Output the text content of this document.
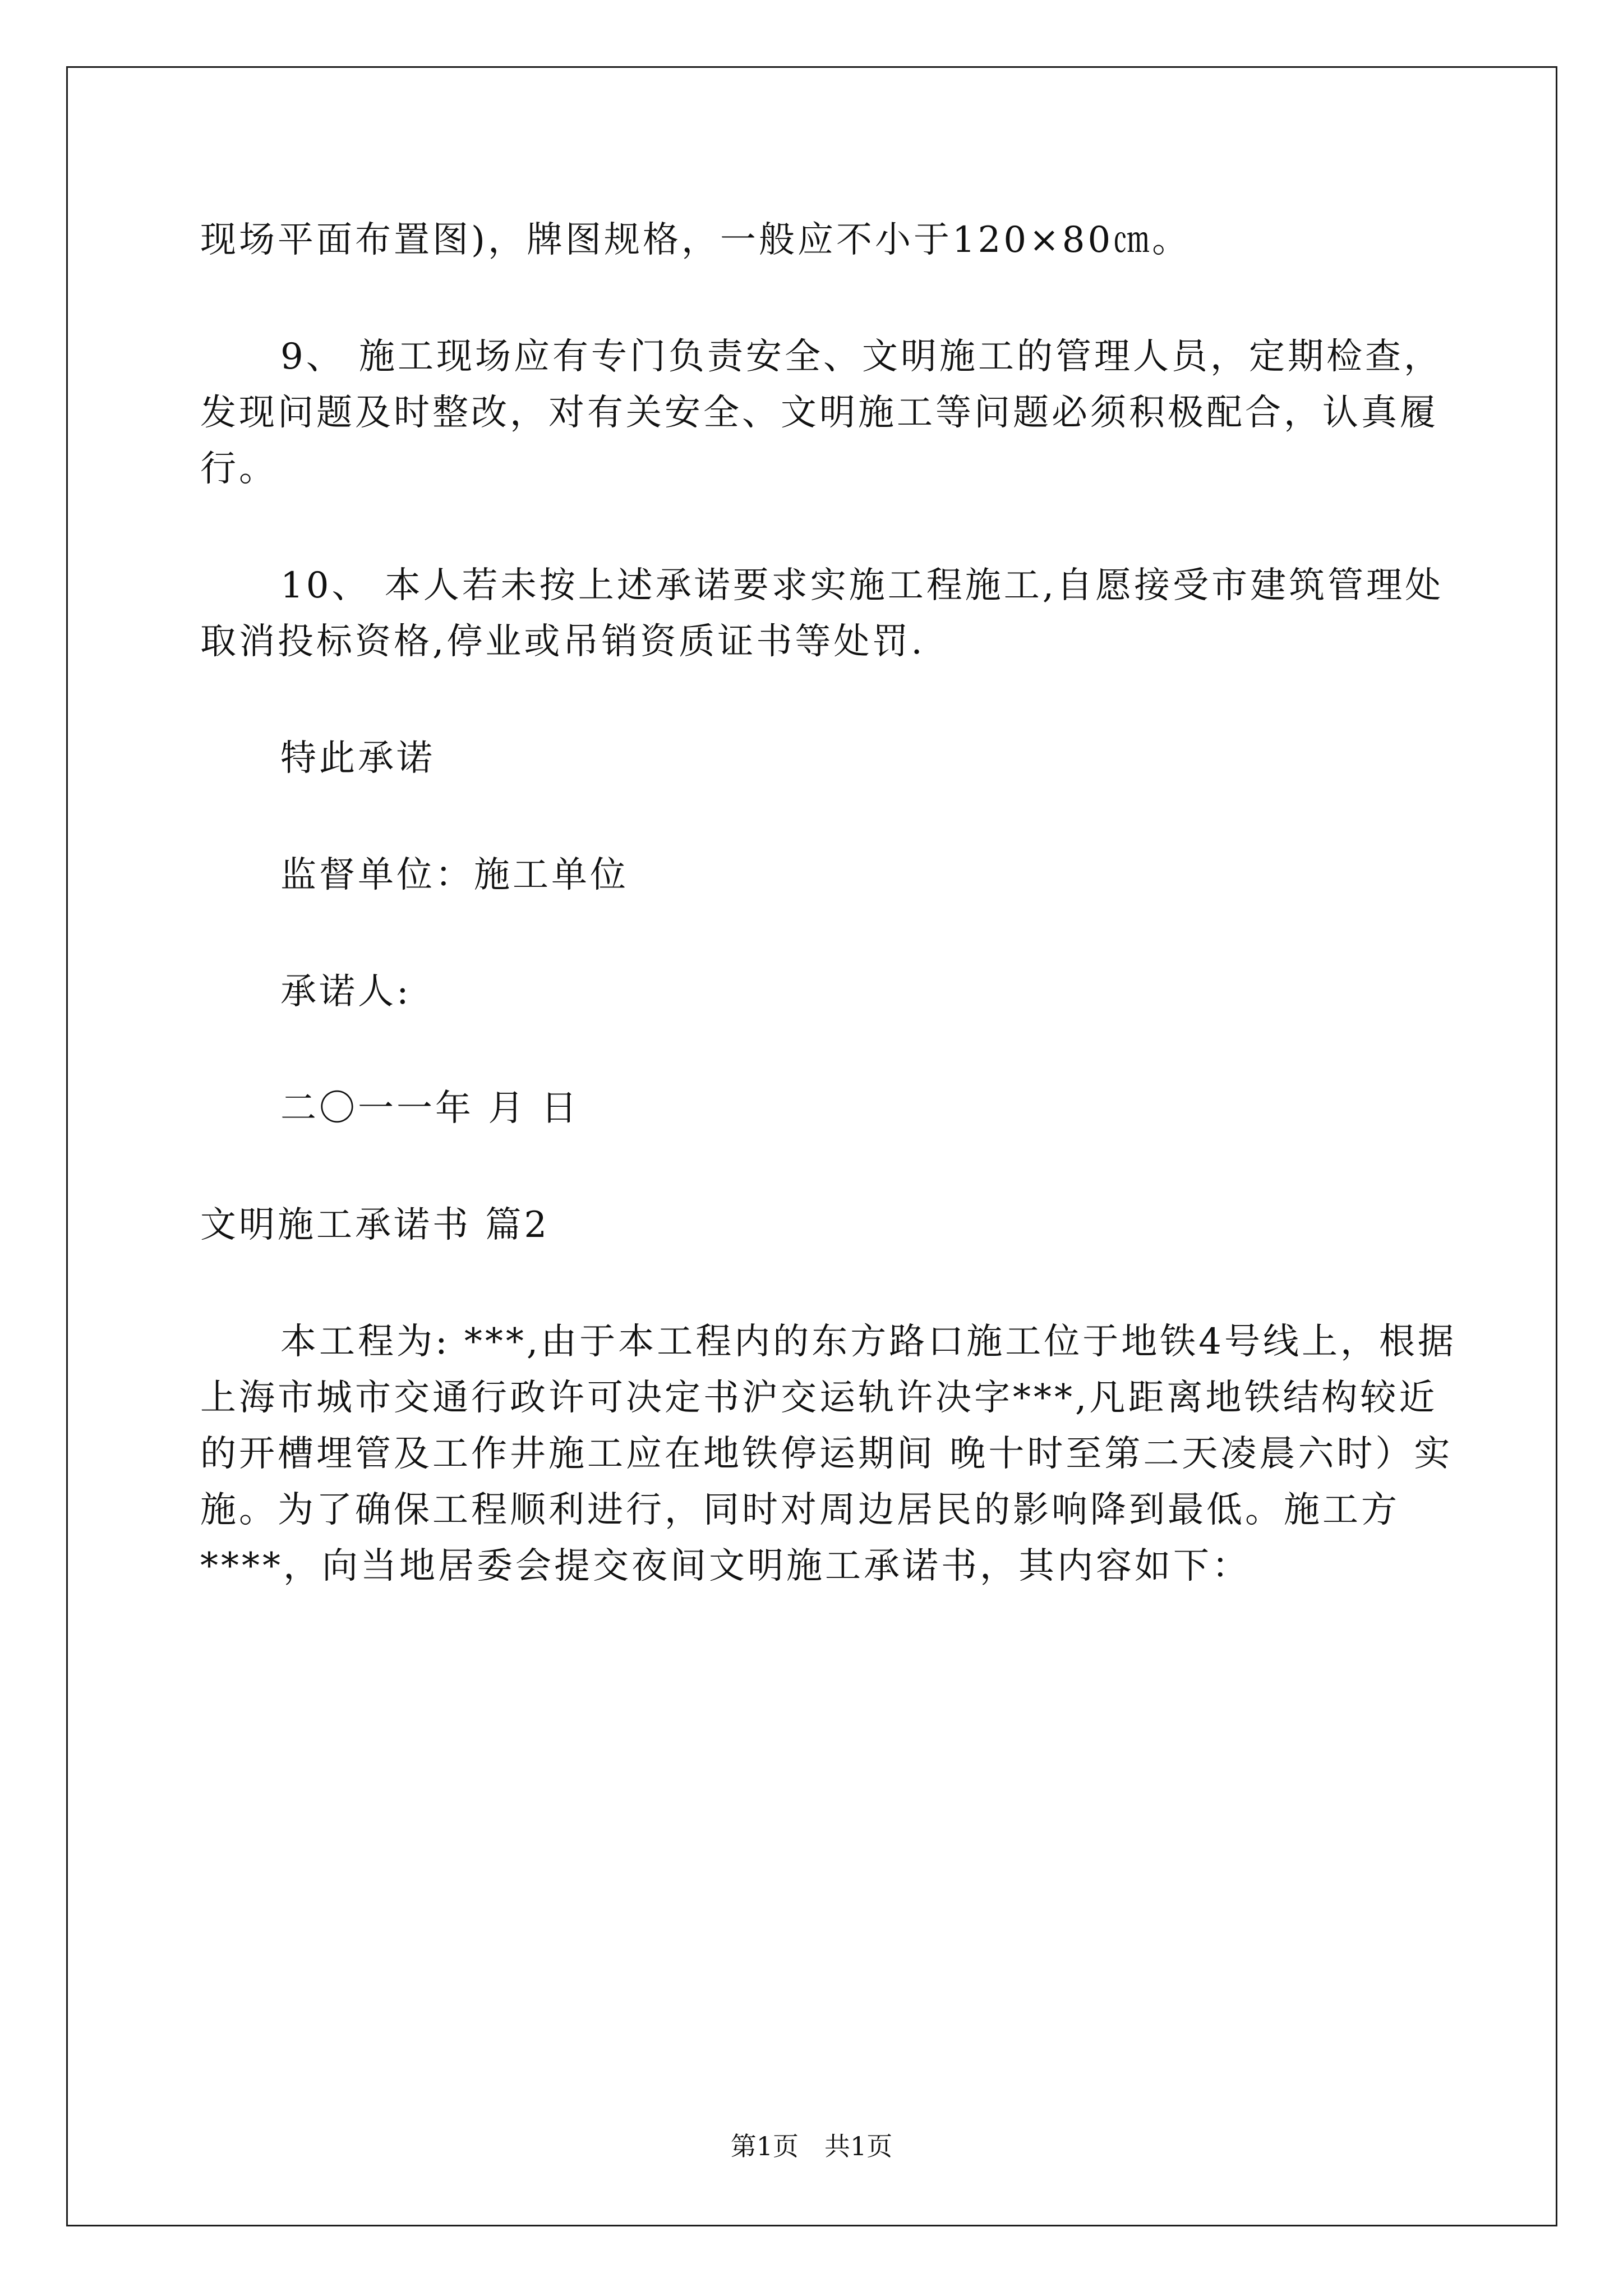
现场平面布置图)，牌图规格，一般应不小于120×80㎝。

9、 施工现场应有专门负责安全、文明施工的管理人员，定期检查，发现问题及时整改，对有关安全、文明施工等问题必须积极配合，认真履行。

10、 本人若未按上述承诺要求实施工程施工,自愿接受市建筑管理处取消投标资格,停业或吊销资质证书等处罚.

特此承诺

监督单位：施工单位

承诺人:

二〇一一年 月 日

文明施工承诺书 篇2

本工程为: ***,由于本工程内的东方路口施工位于地铁4号线上，根据上海市城市交通行政许可决定书沪交运轨许决字***,凡距离地铁结构较近的开槽埋管及工作井施工应在地铁停运期间 晚十时至第二天凌晨六时）实施。为了确保工程顺利进行，同时对周边居民的影响降到最低。施工方****，向当地居委会提交夜间文明施工承诺书，其内容如下：

第1页 共1页
